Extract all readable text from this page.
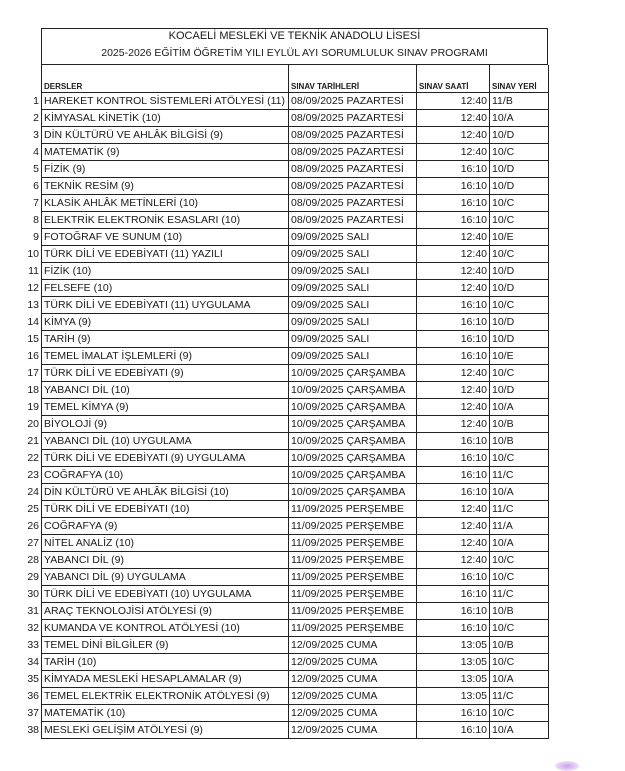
KOCAELİ MESLEKİ VE TEKNİK ANADOLU LİSESİ
2025-2026 EĞİTİM ÖĞRETİM YILI EYLÜL AYI SORUMLULUK SINAV PROGRAMI
DERSLER	SINAV TARİHLERİ	SINAV SAATİ	SINAV YERİ

1 HAREKET KONTROL SİSTEMLERİ ATÖLYESİ (11)	08/09/2025 PAZARTESİ	12:40	11/B

2 KİMYASAL KİNETİK (10)	08/09/2025 PAZARTESİ	12:40	10/A

3 DİN KÜLTÜRÜ VE AHLÂK BİLGİSİ (9)	08/09/2025 PAZARTESİ	12:40	10/D

4 MATEMATİK (9)	08/09/2025 PAZARTESİ	12:40	10/C

5 FİZİK (9)	08/09/2025 PAZARTESİ	16:10	10/D

6 TEKNİK RESİM (9)	08/09/2025 PAZARTESİ	16:10	10/D

7 KLASİK AHLÂK METİNLERİ (10)	08/09/2025 PAZARTESİ	16:10	10/C

8 ELEKTRİK ELEKTRONİK ESASLARI (10)	08/09/2025 PAZARTESİ	16:10	10/C

9 FOTOĞRAF VE SUNUM (10)	09/09/2025 SALI	12:40	10/E

10 TÜRK DİLİ VE EDEBİYATI (11) YAZILI	09/09/2025 SALI	12:40	10/C

11 FİZİK (10)	09/09/2025 SALI	12:40	10/D

12 FELSEFE (10)	09/09/2025 SALI	12:40	10/D

13 TÜRK DİLİ VE EDEBİYATI (11) UYGULAMA	09/09/2025 SALI	16:10	10/C

14 KİMYA (9)	09/09/2025 SALI	16:10	10/D

15 TARİH (9)	09/09/2025 SALI	16:10	10/D

16 TEMEL İMALAT İŞLEMLERİ (9)	09/09/2025 SALI	16:10	10/E

17 TÜRK DİLİ VE EDEBİYATI (9)	10/09/2025 ÇARŞAMBA	12:40	10/C

18 YABANCI DİL (10)	10/09/2025 ÇARŞAMBA	12:40	10/D

19 TEMEL KİMYA (9)	10/09/2025 ÇARŞAMBA	12:40	10/A

20 BİYOLOJİ (9)	10/09/2025 ÇARŞAMBA	12:40	10/B

21 YABANCI DİL (10) UYGULAMA	10/09/2025 ÇARŞAMBA	16:10	10/B

22 TÜRK DİLİ VE EDEBİYATI (9) UYGULAMA	10/09/2025 ÇARŞAMBA	16:10	10/C

23 COĞRAFYA (10)	10/09/2025 ÇARŞAMBA	16:10	11/C

24 DİN KÜLTÜRÜ VE AHLÂK BİLGİSİ (10)	10/09/2025 ÇARŞAMBA	16:10	10/A

25 TÜRK DİLİ VE EDEBİYATI (10)	11/09/2025 PERŞEMBE	12:40	11/C

26 COĞRAFYA (9)	11/09/2025 PERŞEMBE	12:40	11/A

27 NİTEL ANALİZ (10)	11/09/2025 PERŞEMBE	12:40	10/A

28 YABANCI DİL (9)	11/09/2025 PERŞEMBE	12:40	10/C

29 YABANCI DİL (9) UYGULAMA	11/09/2025 PERŞEMBE	16:10	10/C

30 TÜRK DİLİ VE EDEBİYATI (10) UYGULAMA	11/09/2025 PERŞEMBE	16:10	11/C

31 ARAÇ TEKNOLOJİSİ ATÖLYESİ (9)	11/09/2025 PERŞEMBE	16:10	10/B

32 KUMANDA VE KONTROL ATÖLYESİ (10)	11/09/2025 PERŞEMBE	16:10	10/C

33 TEMEL DİNİ BİLGİLER (9)	12/09/2025 CUMA	13:05	10/B

34 TARİH (10)	12/09/2025 CUMA	13:05	10/C

35 KİMYADA MESLEKİ HESAPLAMALAR (9)	12/09/2025 CUMA	13:05	10/A

36 TEMEL ELEKTRİK ELEKTRONİK ATÖLYESİ (9)	12/09/2025 CUMA	13:05	11/C

37 MATEMATİK (10)	12/09/2025 CUMA	16:10	10/C

38 MESLEKİ GELİŞİM ATÖLYESİ (9)	12/09/2025 CUMA	16:10	10/A
